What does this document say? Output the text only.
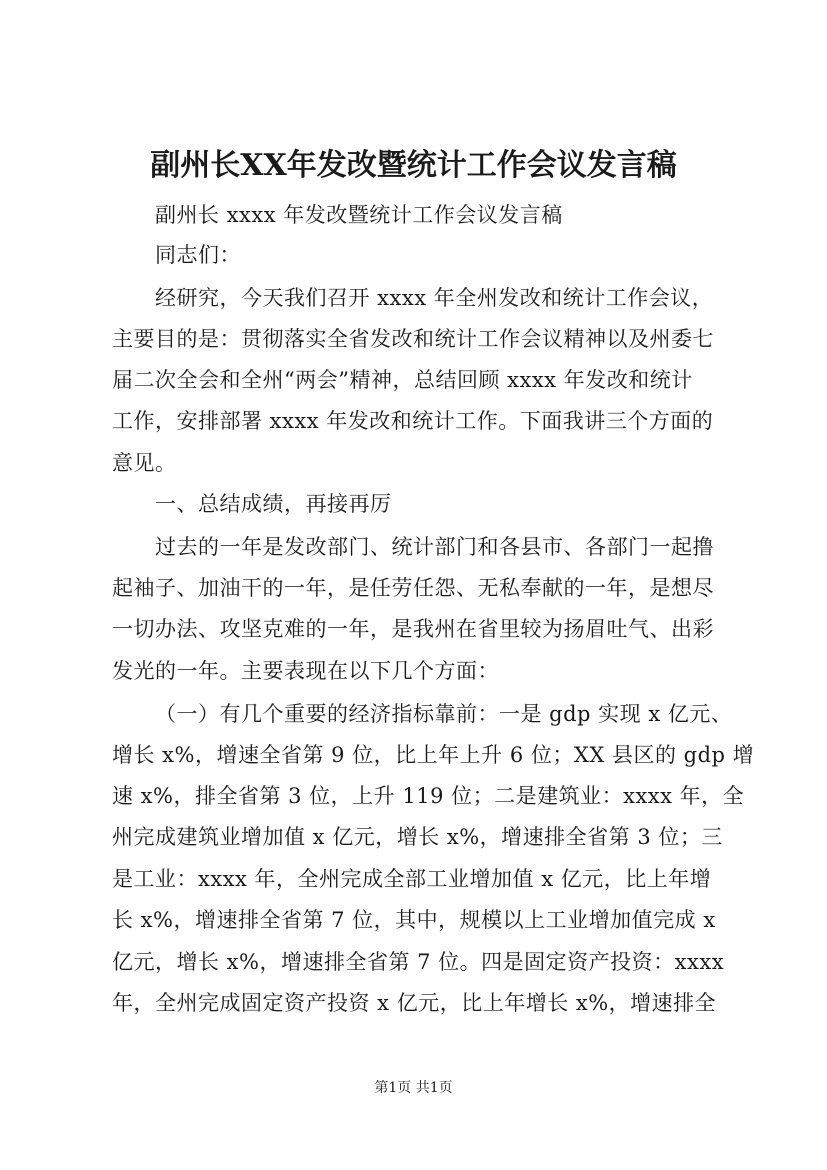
副州长XX年发改暨统计工作会议发言稿
副州长 xxxx 年发改暨统计工作会议发言稿
同志们：
经研究，今天我们召开 xxxx 年全州发改和统计工作会议，
主要目的是：贯彻落实全省发改和统计工作会议精神以及州委七
届二次全会和全州“两会”精神，总结回顾 xxxx 年发改和统计
工作，安排部署 xxxx 年发改和统计工作。下面我讲三个方面的
意见。
一、总结成绩，再接再厉
过去的一年是发改部门、统计部门和各县市、各部门一起撸
起袖子、加油干的一年，是任劳任怨、无私奉献的一年，是想尽
一切办法、攻坚克难的一年，是我州在省里较为扬眉吐气、出彩
发光的一年。主要表现在以下几个方面：
（一）有几个重要的经济指标靠前：一是 gdp 实现 x 亿元、
增长 x%，增速全省第 9 位，比上年上升 6 位；XX 县区的 gdp 增
速 x%，排全省第 3 位，上升 119 位；二是建筑业：xxxx 年，全
州完成建筑业增加值 x 亿元，增长 x%，增速排全省第 3 位；三
是工业：xxxx 年，全州完成全部工业增加值 x 亿元，比上年增
长 x%，增速排全省第 7 位，其中，规模以上工业增加值完成 x
亿元，增长 x%，增速排全省第 7 位。四是固定资产投资：xxxx
年，全州完成固定资产投资 x 亿元，比上年增长 x%，增速排全
第1页 共1页
